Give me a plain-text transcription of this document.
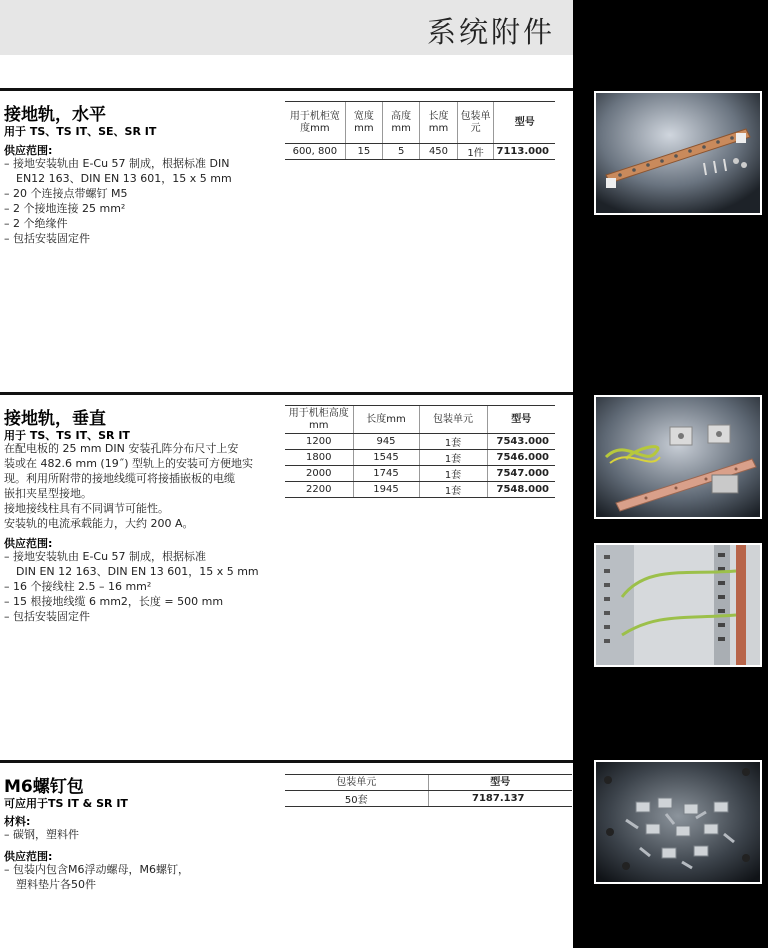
系统附件
接地轨，水平
用于 TS、TS IT、SE、SR IT
供应范围:
– 接地安装轨由 E-Cu 57 制成，根据标准 DIN
EN12 163、DIN EN 13 601，15 x 5 mm
– 20 个连接点带螺钉 M5
– 2 个接地连接 25 mm²
– 2 个绝缘件
– 包括安装固定件
用于机柜宽度mm	宽度mm	高度mm	长度mm	包装单元	型号
600, 800	15	5	450	1件	7113.000
接地轨，垂直
用于 TS、TS IT、SR IT
在配电板的 25 mm DIN 安装孔阵分布尺寸上安
装或在 482.6 mm (19˝) 型轨上的安装可方便地实
现。利用所附带的接地线缆可将接插嵌板的电缆
嵌扣夹星型接地。
接地接线柱具有不同调节可能性。
安装轨的电流承载能力，大约 200 A。
供应范围:
– 接地安装轨由 E-Cu 57 制成，根据标准
DIN EN 12 163、DIN EN 13 601，15 x 5 mm
– 16 个接线柱 2.5 – 16 mm²
– 15 根接地线缆 6 mm2，长度 = 500 mm
– 包括安装固定件
用于机柜高度mm	长度mm	包装单元	型号
1200	945	1套	7543.000
1800	1545	1套	7546.000
2000	1745	1套	7547.000
2200	1945	1套	7548.000
M6螺钉包
可应用于TS IT & SR IT
材料:
– 碳钢，塑料件
供应范围:
– 包装内包含M6浮动螺母，M6螺钉，
塑料垫片各50件
包装单元	型号
50套	7187.137
